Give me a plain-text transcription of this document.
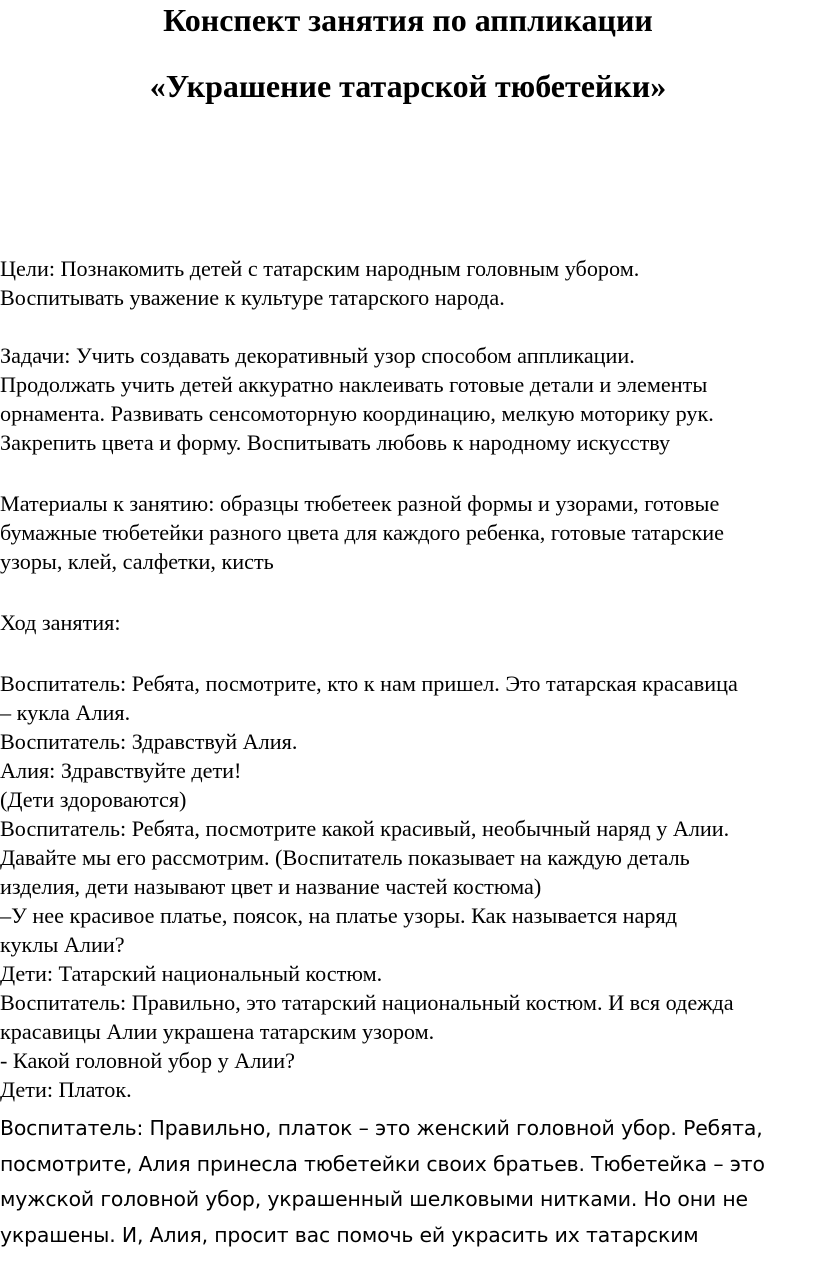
Конспект занятия по аппликации
«Украшение татарской тюбетейки»

Цели: Познакомить детей с татарским народным головным убором.
Воспитывать уважение к культуре татарского народа.

Задачи: Учить создавать декоративный узор способом аппликации.
Продолжать учить детей аккуратно наклеивать готовые детали и элементы
орнамента. Развивать сенсомоторную координацию, мелкую моторику рук.
Закрепить цвета и форму. Воспитывать любовь к народному искусству

Материалы к занятию: образцы тюбетеек разной формы и узорами, готовые
бумажные тюбетейки разного цвета для каждого ребенка, готовые татарские
узоры, клей, салфетки, кисть

Ход занятия:

Воспитатель: Ребята, посмотрите, кто к нам пришел. Это татарская красавица
– кукла Алия.
Воспитатель: Здравствуй Алия.
Алия: Здравствуйте дети!
(Дети здороваются)
Воспитатель: Ребята, посмотрите какой красивый, необычный наряд у Алии.
Давайте мы его рассмотрим. (Воспитатель показывает на каждую деталь
изделия, дети называют цвет и название частей костюма)
–У нее красивое платье, поясок, на платье узоры. Как называется наряд
куклы Алии?
Дети: Татарский национальный костюм.
Воспитатель: Правильно, это татарский национальный костюм. И вся одежда
красавицы Алии украшена татарским узором.
- Какой головной убор у Алии?
Дети: Платок.

Воспитатель: Правильно, платок – это женский головной убор. Ребята,
посмотрите, Алия принесла тюбетейки своих братьев. Тюбетейка – это
мужской головной убор, украшенный шелковыми нитками. Но они не
украшены. И, Алия, просит вас помочь ей украсить их татарским
